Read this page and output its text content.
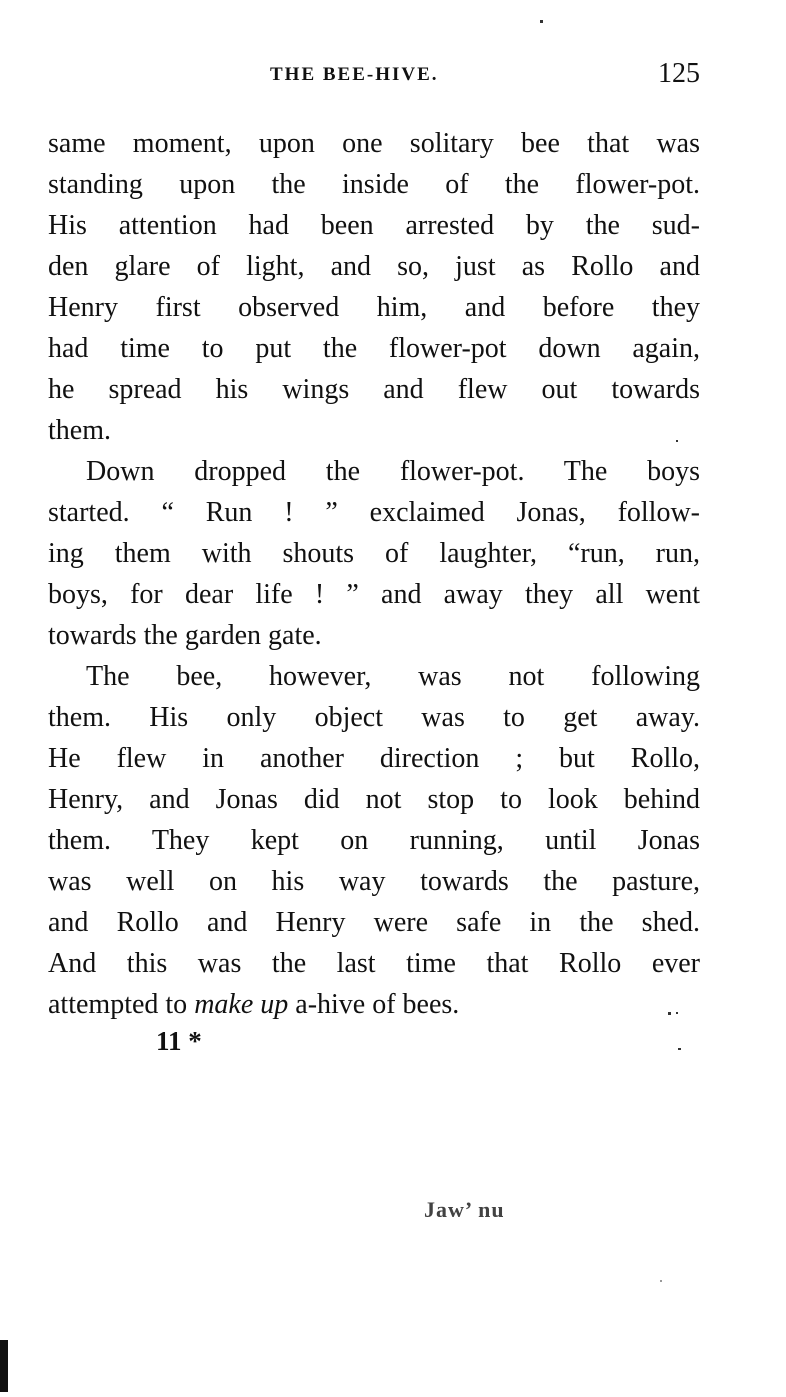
THE BEE-HIVE.	125
same moment, upon one solitary bee that was
standing upon the inside of the flower-pot.
His attention had been arrested by the sud-
den glare of light, and so, just as Rollo and
Henry first observed him, and before they
had time to put the flower-pot down again,
he spread his wings and flew out towards
them.
Down dropped the flower-pot. The boys
started. “ Run ! ” exclaimed Jonas, follow-
ing them with shouts of laughter, “run, run,
boys, for dear life ! ” and away they all went
towards the garden gate.
The bee, however, was not following
them. His only object was to get away.
He flew in another direction ; but Rollo,
Henry, and Jonas did not stop to look behind
them. They kept on running, until Jonas
was well on his way towards the pasture,
and Rollo and Henry were safe in the shed.
And this was the last time that Rollo ever
attempted to make up a-hive of bees.
11 *
Jaw’ nu
